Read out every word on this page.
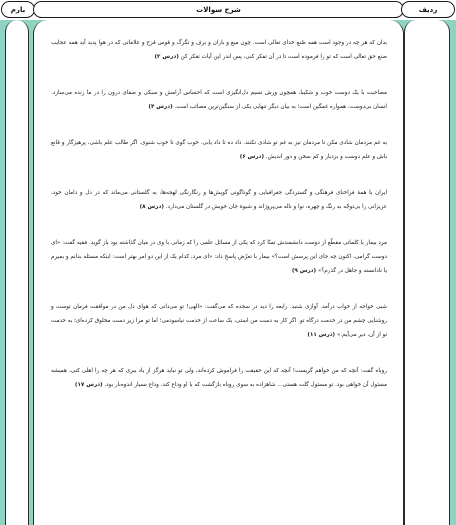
بارم	شرح سوالات	ردیف

بدان که هر چه در وجود است همه صُنع خدای تعالی است. چون میغ و باران و برف و تگرگ و قوس قزح و علاماتی که در هوا پدید آید همه عجایب صنع حق تعالی است که تو را فرموده است تا در آن تفکر کنی، پس اندر این آیات تفکر کن (درس ۲)

مصاحبت با یک دوست خوب و شکیبا، همچون وزش نسیم دل‌انگیزی است که احساس آرامش و سبکی و صفای درون را در ما زنده می‌سازد. انسان بی‌دوست، همواره غمگین است؛ به بیان دیگر تنهایی یکی از سنگین‌ترین مصائب است. (درس ۴)

به غم مردمان شادی مکن تا مردمان نیز به غم تو شادی نکنند. داد ده تا داد یابی. خوب گوی تا خوب شنوی. اگر طالب علم باشی، پرهیزگار و قانع باش و علم دوست و بردبار و کم سخن و دور اندیش. (درس ۶)

ایران با همهٔ فراخنای فرهنگی و گستردگی جغرافیایی و گوناگونی گویش‌ها و رنگارنگی لهجه‌ها، به گلستانی می‌ماند که در دل و دامان خود، عزیزانی را بی‌توجّه به رنگ و چهره، نوا و ناله می‌پرورَاند و شیوهٔ جان خویش در گلستان می‌دارد. (درس ۸)

مرد بیمار با کلماتی مقطّع از دوست دانشمندش تمنّا کرد که یکی از مسائل علمی را که زمانی با وی در میان گذاشته بود باز گوید. فقیه گفت: «ای دوست گرامی، اکنون چه جای این پرسش است؟» بیمار با تعرّض پاسخ داد: «ای مرد، کدام یک از این دو امر بهتر است: اینکه مسئله بدانم و بمیرم یا نادانسته و جاهل در گذرم؟» (درس ۹)

شبی خواجه از خواب درآمد. آوازی شنید. رابعه را دید در سجده که می‌گفت: «الهی! تو می‌دانی که هوای دل من در موافقت فرمان توست و روشنایی چشم من در خدمت درگاه تو. اگر کار به دست من استی، یک ساعت از خدمت نیاسودمی؛ اما تو مرا زیر دست مخلوق کرده‌ای؛ به خدمت تو از آن، دیر می‌آیم.» (درس ۱۱)

روباه گفت: آنچه که من خواهم گریست! آنچه که این حقیقت را فراموش کرده‌اند، ولی تو نباید هرگز از یاد ببری که هر چه را اهلی کنی، همیشه مسئول آن خواهی بود. تو مسئول گلت هستی... شاهزاده به سوی روباه بازگشت که با او وداع کند. وداع بسیار اندوه‌بار بود. (درس ۱۷)
